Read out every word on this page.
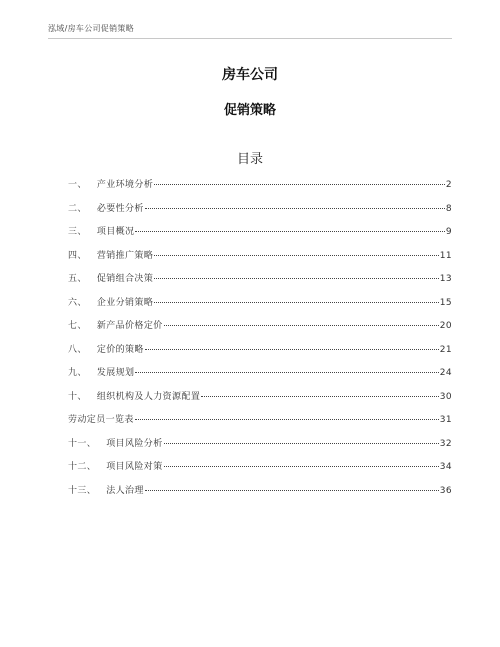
泓域/房车公司促销策略
房车公司
促销策略
目录
一、 产业环境分析	2
二、 必要性分析	8
三、 项目概况	9
四、 营销推广策略	11
五、 促销组合决策	13
六、 企业分销策略	15
七、 新产品价格定价	20
八、 定价的策略	21
九、 发展规划	24
十、 组织机构及人力资源配置	30
劳动定员一览表	31
十一、 项目风险分析	32
十二、 项目风险对策	34
十三、 法人治理	36
